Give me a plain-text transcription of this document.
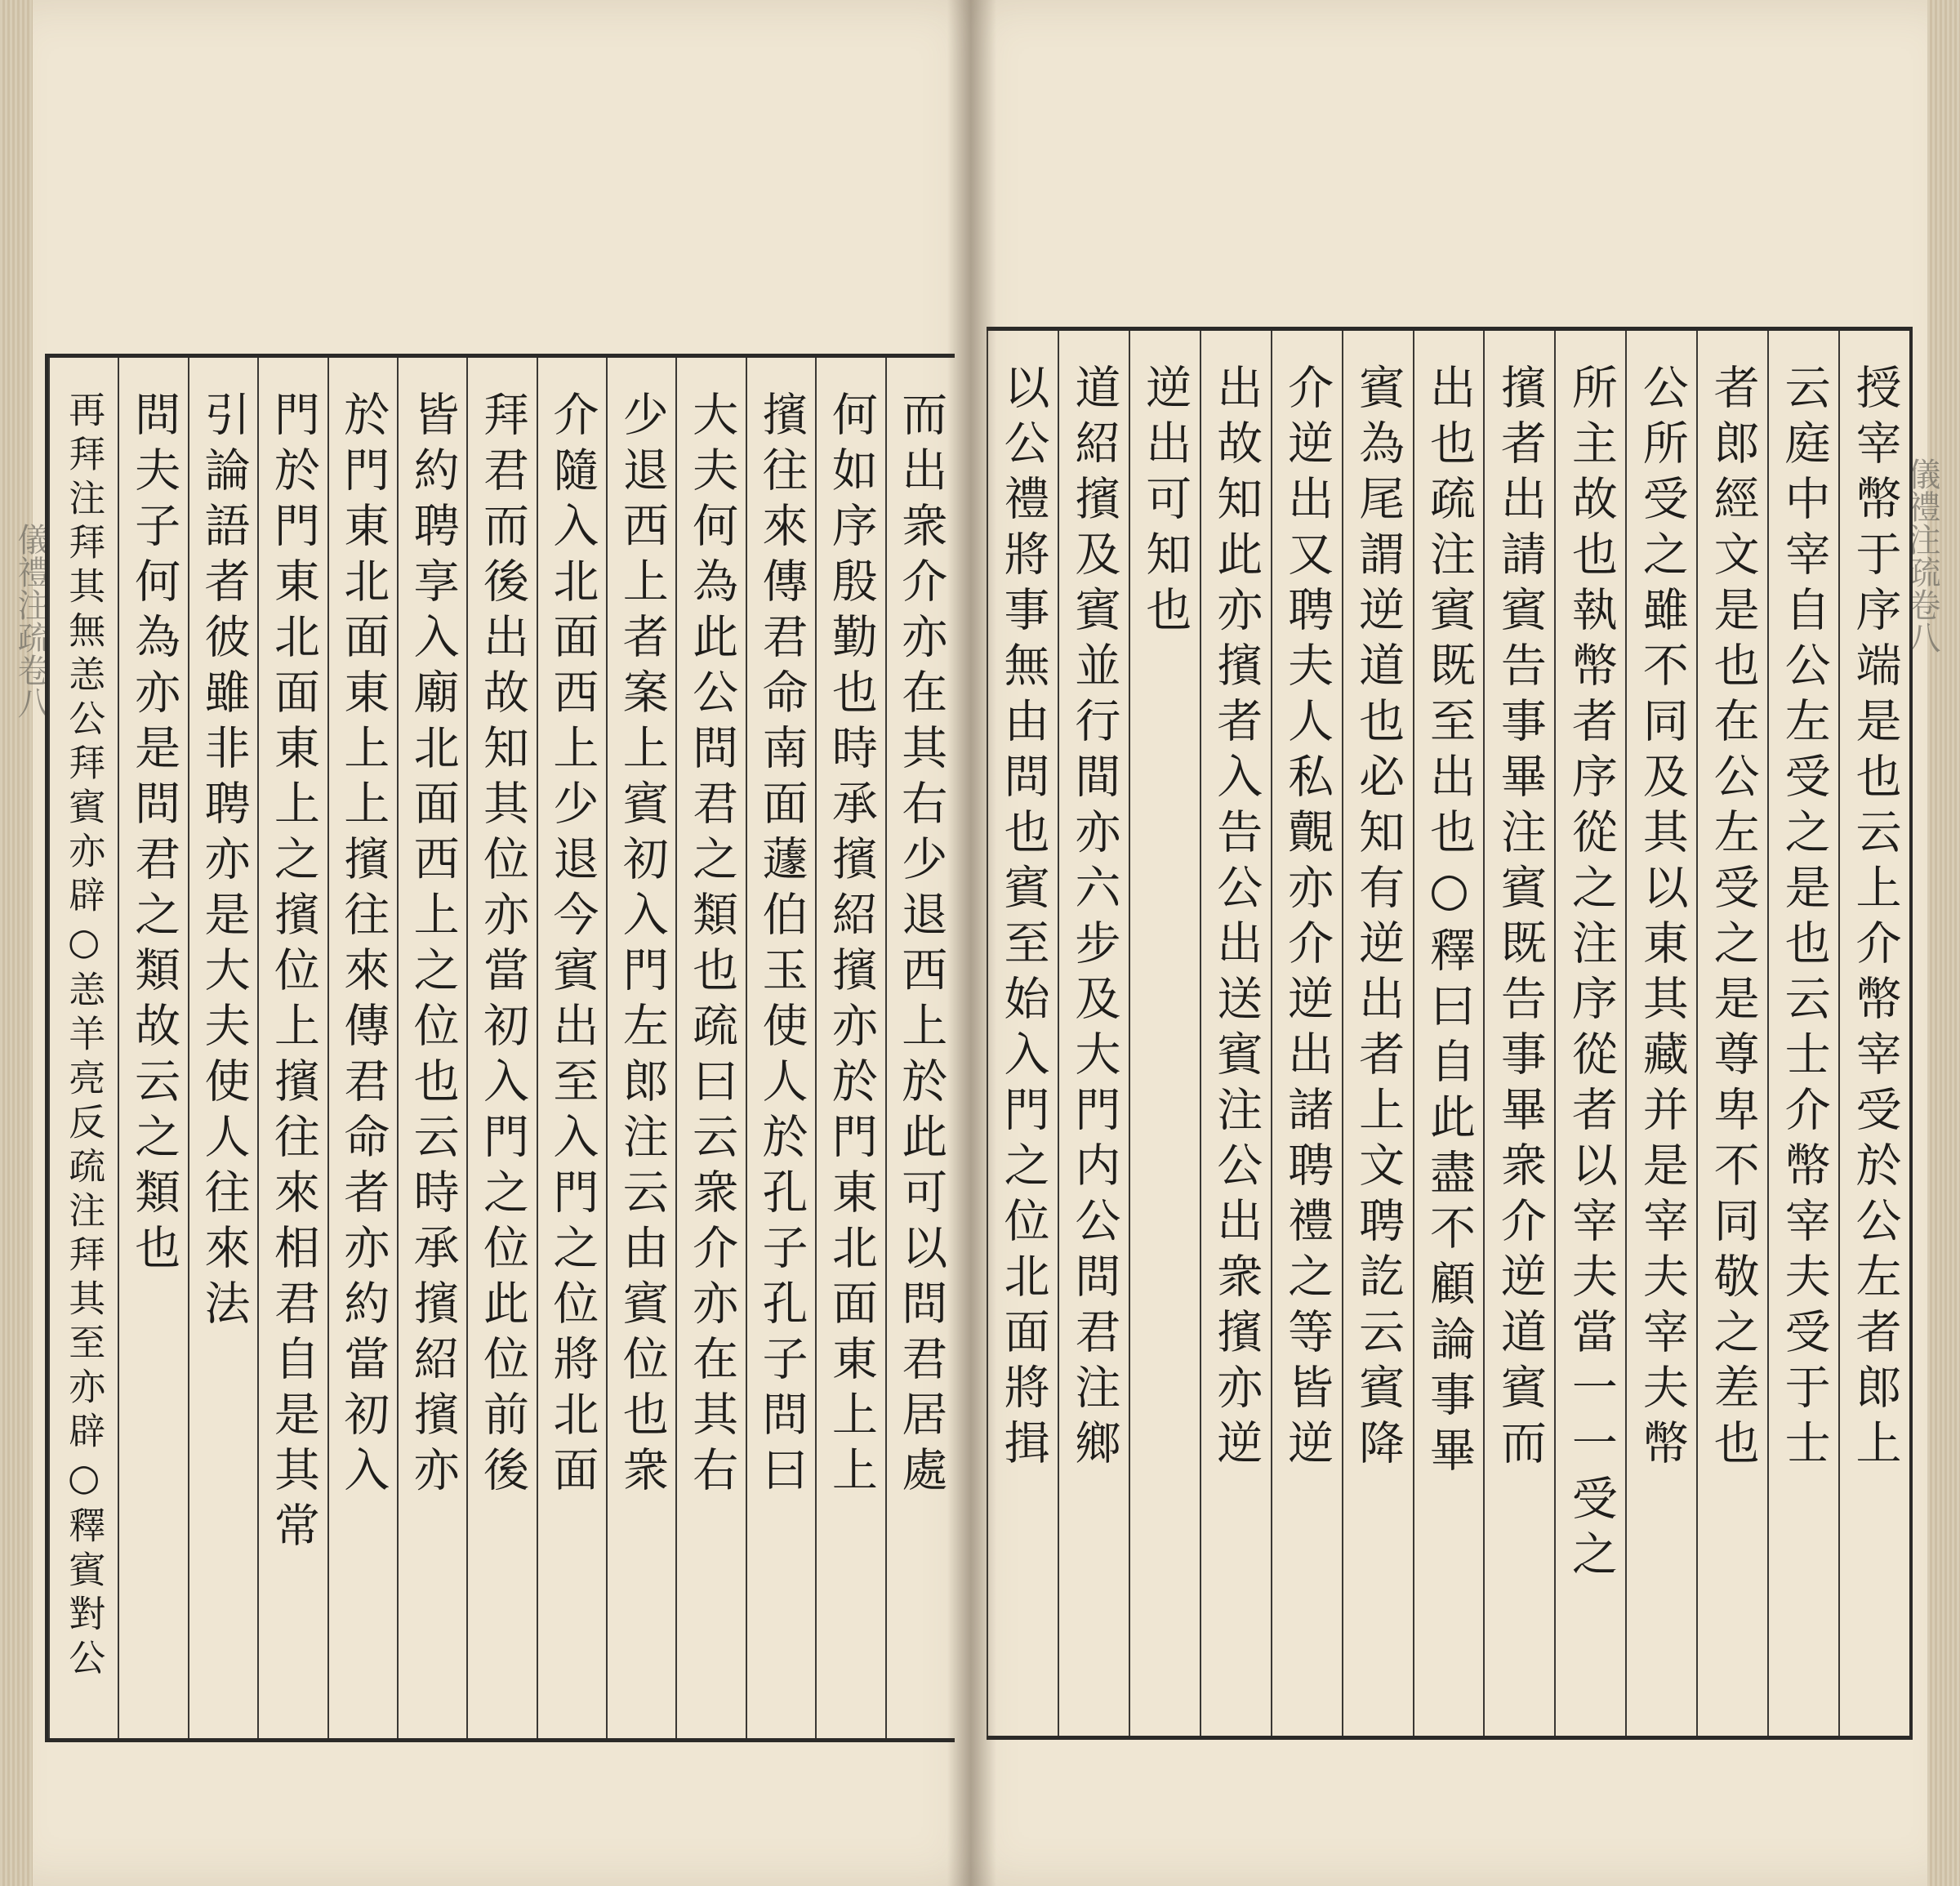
儀禮注疏卷八	而出衆介亦在其右少退西上於此可以問君居處
何如序殷勤也時承擯紹擯亦於門東北面東上上
擯往來傳君命南面蘧伯玉使人於孔子孔子問曰
大夫何為此公問君之類也疏曰云衆介亦在其右
少退西上者案上賓初入門左郎注云由賓位也衆
介隨入北面西上少退今賓出至入門之位將北面
拜君而後出故知其位亦當初入門之位此位前後
皆約聘享入廟北面西上之位也云時承擯紹擯亦
於門東北面東上上擯往來傳君命者亦約當初入
門於門東北面東上之擯位上擯往來相君自是其常
引論語者彼雖非聘亦是大夫使人往來法
問夫子何為亦是問君之類故云之類也
再拜注拜其無恙公拜賓亦辟○恙羊亮反疏注拜其至亦辟○釋賓對公	儀禮注疏卷八
授宰幣于序端是也云上介幣宰受於公左者郎上
云庭中宰自公左受之是也云士介幣宰夫受于士
者郎經文是也在公左受之是尊卑不同敬之差也
公所受之雖不同及其以東其藏并是宰夫宰夫幣
所主故也執幣者序從之注序從者以宰夫當一一受之
擯者出請賓告事畢注賓既告事畢衆介逆道賓而
出也疏注賓既至出也○釋曰自此盡不顧論事畢
賓為尾謂逆道也必知有逆出者上文聘訖云賓降
介逆出又聘夫人私覿亦介逆出諸聘禮之等皆逆
出故知此亦擯者入告公出送賓注公出衆擯亦逆
逆出可知也
道紹擯及賓並行間亦六步及大門内公問君注鄉
以公禮將事無由問也賓至始入門之位北面將揖
